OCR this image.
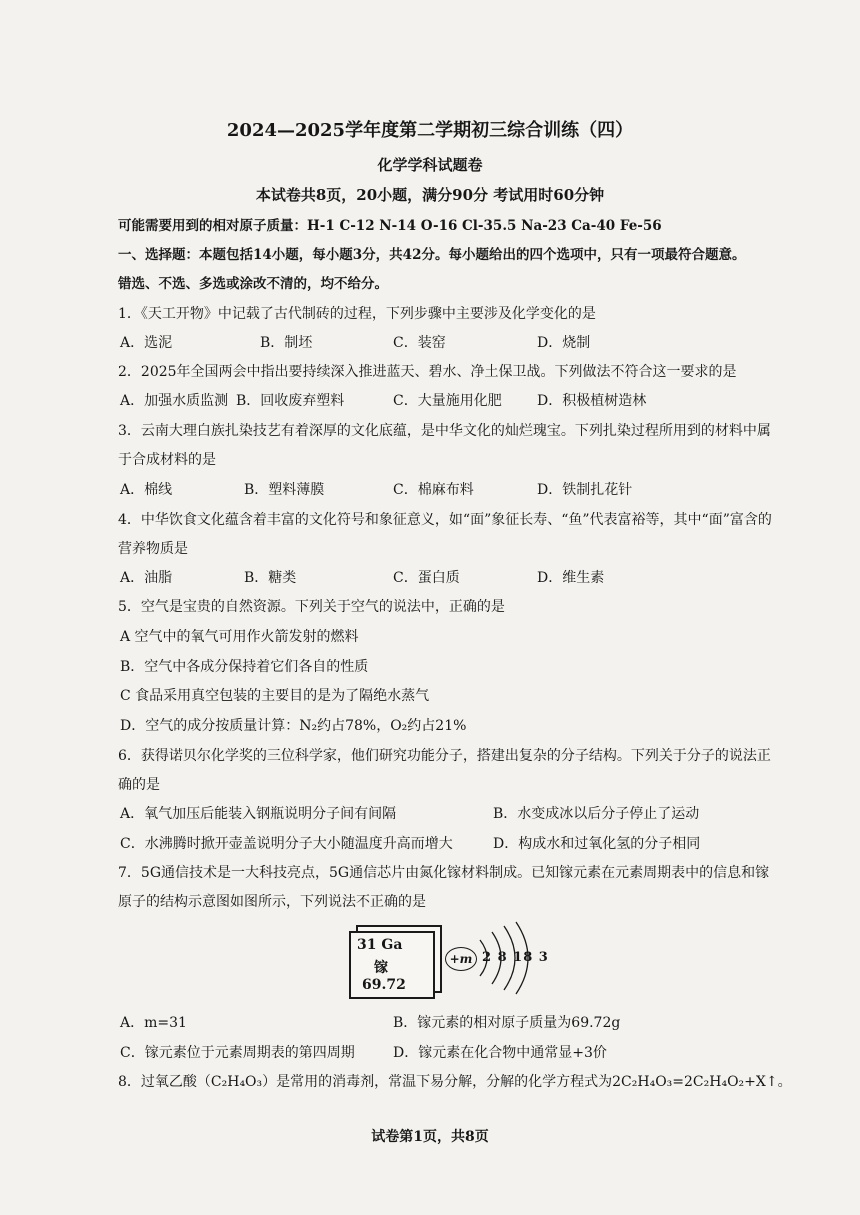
2024—2025学年度第二学期初三综合训练（四）
化学学科试题卷
本试卷共8页，20小题，满分90分 考试用时60分钟
可能需要用到的相对原子质量：H-1 C-12 N-14 O-16 Cl-35.5 Na-23 Ca-40 Fe-56
一、选择题：本题包括14小题，每小题3分，共42分。每小题给出的四个选项中，只有一项最符合题意。
错选、不选、多选或涂改不清的，均不给分。
1．《天工开物》中记载了古代制砖的过程，下列步骤中主要涉及化学变化的是
A．选泥	B．制坯	C．装窑	D．烧制
2．2025年全国两会中指出要持续深入推进蓝天、碧水、净土保卫战。下列做法不符合这一要求的是
A．加强水质监测 B．回收废弃塑料	C．大量施用化肥	D．积极植树造林
3．云南大理白族扎染技艺有着深厚的文化底蕴，是中华文化的灿烂瑰宝。下列扎染过程所用到的材料中属
于合成材料的是
A．棉线	B．塑料薄膜	C．棉麻布料	D．铁制扎花针
4．中华饮食文化蕴含着丰富的文化符号和象征意义，如“面”象征长寿、“鱼”代表富裕等，其中“面”富含的
营养物质是
A．油脂	B．糖类	C．蛋白质	D．维生素
5．空气是宝贵的自然资源。下列关于空气的说法中，正确的是
A 空气中的氧气可用作火箭发射的燃料
B．空气中各成分保持着它们各自的性质
C 食品采用真空包装的主要目的是为了隔绝水蒸气
D．空气的成分按质量计算：N₂约占78%，O₂约占21%
6．获得诺贝尔化学奖的三位科学家，他们研究功能分子，搭建出复杂的分子结构。下列关于分子的说法正
确的是
A．氧气加压后能装入钢瓶说明分子间有间隔	B．水变成冰以后分子停止了运动
C．水沸腾时掀开壶盖说明分子大小随温度升高而增大	D．构成水和过氧化氢的分子相同
7．5G通信技术是一大科技亮点，5G通信芯片由氮化镓材料制成。已知镓元素在元素周期表中的信息和镓
原子的结构示意图如图所示，下列说法不正确的是
31 Ga
镓
69.72
+m 2 8 18 3
A．m=31	B．镓元素的相对原子质量为69.72g
C．镓元素位于元素周期表的第四周期	D．镓元素在化合物中通常显+3价
8．过氧乙酸（C₂H₄O₃）是常用的消毒剂，常温下易分解，分解的化学方程式为2C₂H₄O₃=2C₂H₄O₂+X↑。
试卷第1页，共8页
